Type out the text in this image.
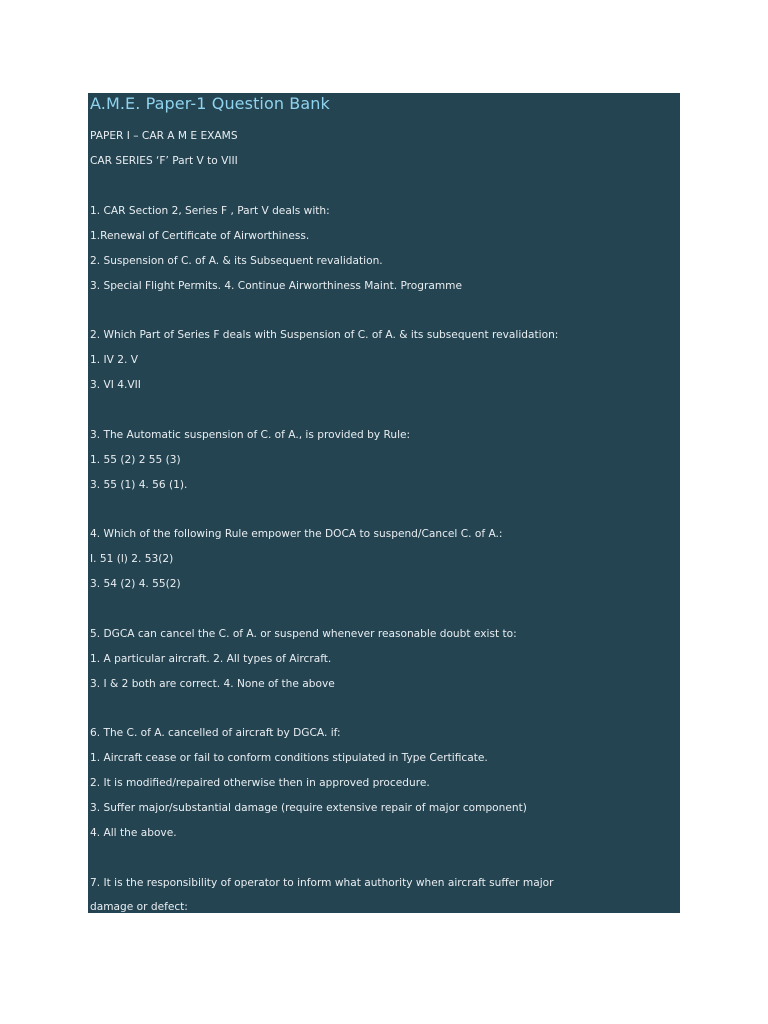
A.M.E. Paper-1 Question Bank
PAPER I – CAR A M E EXAMS
CAR SERIES ‘F’ Part V to VIII
1. CAR Section 2, Series F , Part V deals with:
1.Renewal of Certificate of Airworthiness.
2. Suspension of C. of A. & its Subsequent revalidation.
3. Special Flight Permits. 4. Continue Airworthiness Maint. Programme
2. Which Part of Series F deals with Suspension of C. of A. & its subsequent revalidation:
1. IV 2. V
3. VI 4.VII
3. The Automatic suspension of C. of A., is provided by Rule:
1. 55 (2) 2 55 (3)
3. 55 (1) 4. 56 (1).
4. Which of the following Rule empower the DOCA to suspend/Cancel C. of A.:
I. 51 (l) 2. 53(2)
3. 54 (2) 4. 55(2)
5. DGCA can cancel the C. of A. or suspend whenever reasonable doubt exist to:
1. A particular aircraft. 2. All types of Aircraft.
3. I & 2 both are correct. 4. None of the above
6. The C. of A. cancelled of aircraft by DGCA. if:
1. Aircraft cease or fail to conform conditions stipulated in Type Certificate.
2. It is modified/repaired otherwise then in approved procedure.
3. Suffer major/substantial damage (require extensive repair of major component)
4. All the above.
7. It is the responsibility of operator to inform what authority when aircraft suffer major
damage or defect:
